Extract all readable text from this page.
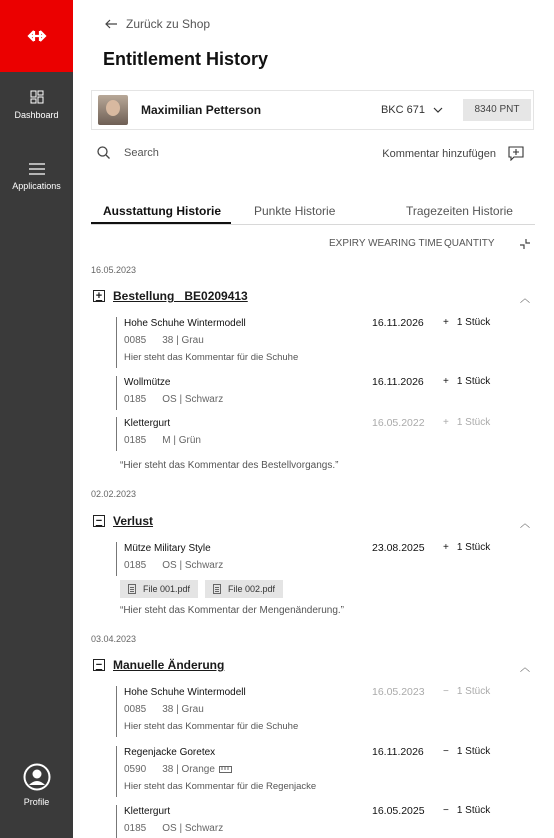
Dashboard
Applications
Profile
Zurück zu Shop
Entitlement History
Maximilian Petterson	BKC 671	8340 PNT
Search	Kommentar hinzufügen
Ausstattung Historie	Punkte Historie	Tragezeiten Historie
EXPIRY WEARING TIME QUANTITY
16.05.2023
+ Bestellung   BE0209413	︿
Hohe Schuhe Wintermodell
0085 38 | Grau
Hier steht das Kommentar für die Schuhe
16.11.2026 + 1 Stück
Wollmütze
0185 OS | Schwarz
16.11.2026 + 1 Stück
Klettergurt
0185 M | Grün
16.05.2022 + 1 Stück
“Hier steht das Kommentar des Bestellvorgangs.”
02.02.2023
− Verlust	︿
Mütze Military Style
0185 OS | Schwarz
23.08.2025 + 1 Stück
File 001.pdf	File 002.pdf
“Hier steht das Kommentar der Mengenänderung.”
03.04.2023
− Manuelle Änderung	︿
Hohe Schuhe Wintermodell
0085 38 | Grau
Hier steht das Kommentar für die Schuhe
16.05.2023 − 1 Stück
Regenjacke Goretex
0590 38 | Orange
Hier steht das Kommentar für die Regenjacke
16.11.2026 − 1 Stück
Klettergurt
0185 OS | Schwarz
16.05.2025 − 1 Stück
